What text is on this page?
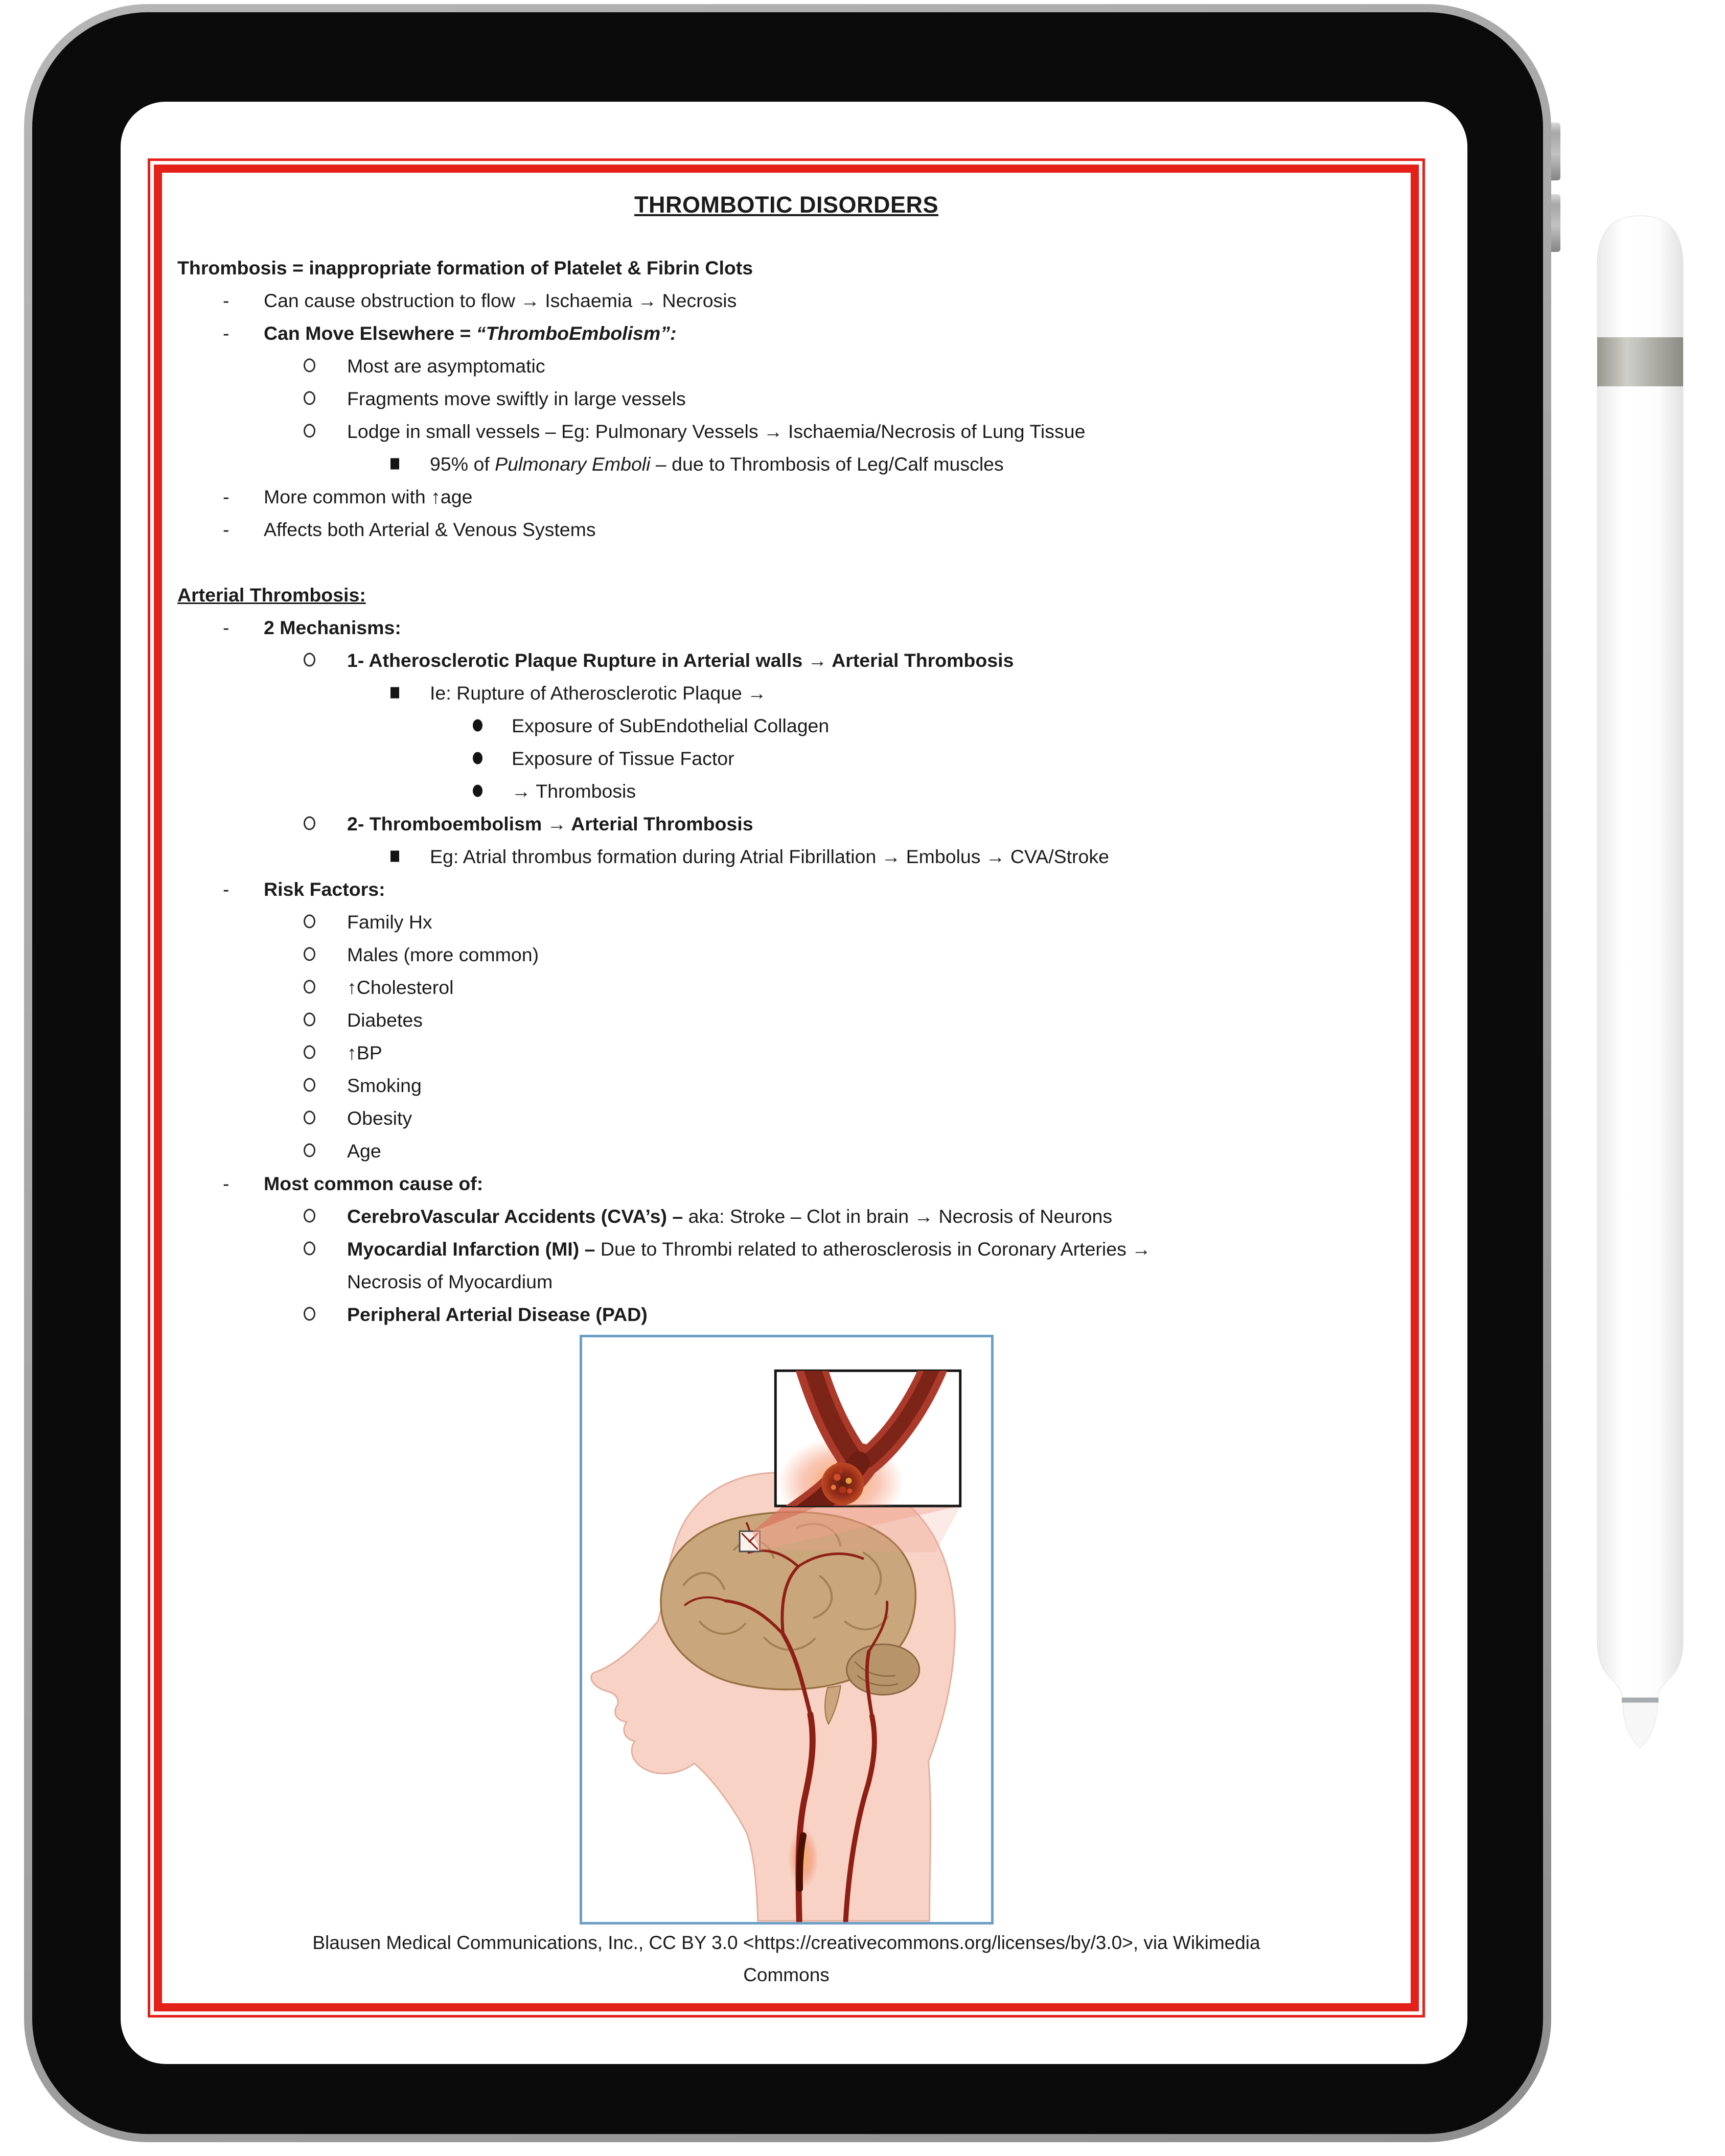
THROMBOTIC DISORDERS
Thrombosis = inappropriate formation of Platelet & Fibrin Clots
- Can cause obstruction to flow → Ischaemia → Necrosis
- Can Move Elsewhere = “ThromboEmbolism”:
Most are asymptomatic
Fragments move swiftly in large vessels
Lodge in small vessels – Eg: Pulmonary Vessels → Ischaemia/Necrosis of Lung Tissue
95% of Pulmonary Emboli – due to Thrombosis of Leg/Calf muscles
- More common with ↑age
- Affects both Arterial & Venous Systems
Arterial Thrombosis:
- 2 Mechanisms:
1- Atherosclerotic Plaque Rupture in Arterial walls → Arterial Thrombosis
Ie: Rupture of Atherosclerotic Plaque →
Exposure of SubEndothelial Collagen
Exposure of Tissue Factor
→ Thrombosis
2- Thromboembolism → Arterial Thrombosis
Eg: Atrial thrombus formation during Atrial Fibrillation → Embolus → CVA/Stroke
- Risk Factors:
Family Hx
Males (more common)
↑Cholesterol
Diabetes
↑BP
Smoking
Obesity
Age
- Most common cause of:
CerebroVascular Accidents (CVA’s) – aka: Stroke – Clot in brain → Necrosis of Neurons
Myocardial Infarction (MI) – Due to Thrombi related to atherosclerosis in Coronary Arteries →
Necrosis of Myocardium
Peripheral Arterial Disease (PAD)
Blausen Medical Communications, Inc., CC BY 3.0 <https://creativecommons.org/licenses/by/3.0>, via Wikimedia
Commons
